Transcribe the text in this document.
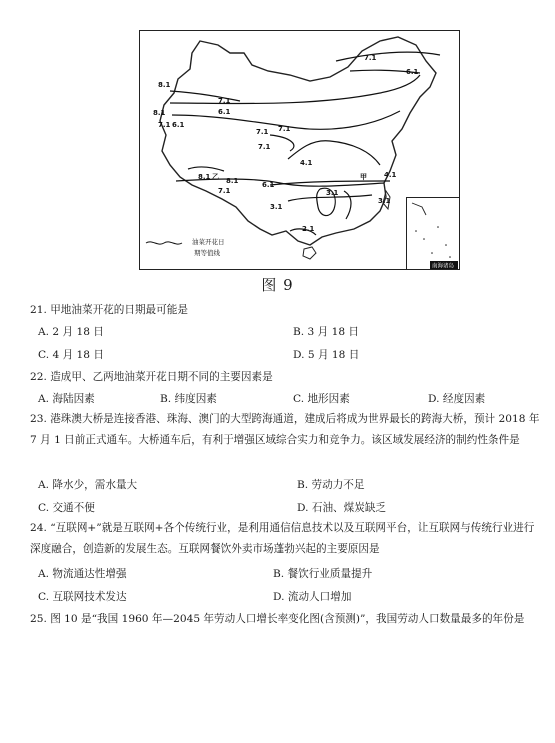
7.1
6.1
8.1
7.1
6.1
8.1
7.1 6.1
7.1 7.1
7.1
4.1
8.1 乙 8.1
7.1
6.1
3.1
4.1
甲
3.1
3.1
2.1
油菜开花日
期等值线
南海诸岛
图 9
21. 甲地油菜开花的日期最可能是
A. 2 月 18 日	B. 3 月 18 日
C. 4 月 18 日	D. 5 月 18 日
22. 造成甲、乙两地油菜开花日期不同的主要因素是
A. 海陆因素	B. 纬度因素	C. 地形因素	D. 经度因素
23. 港珠澳大桥是连接香港、珠海、澳门的大型跨海通道，建成后将成为世界最长的跨海大桥，预计 2018 年 7 月 1 日前正式通车。大桥通车后，有利于增强区域综合实力和竞争力。该区域发展经济的制约性条件是
A. 降水少，需水量大	B. 劳动力不足
C. 交通不便	D. 石油、煤炭缺乏
24. “互联网+”就是互联网+各个传统行业，是利用通信信息技术以及互联网平台，让互联网与传统行业进行深度融合，创造新的发展生态。互联网餐饮外卖市场蓬勃兴起的主要原因是
A. 物流通达性增强	B. 餐饮行业质量提升
C. 互联网技术发达	D. 流动人口增加
25. 图 10 是“我国 1960 年—2045 年劳动人口增长率变化图(含预测)”，我国劳动人口数量最多的年份是
